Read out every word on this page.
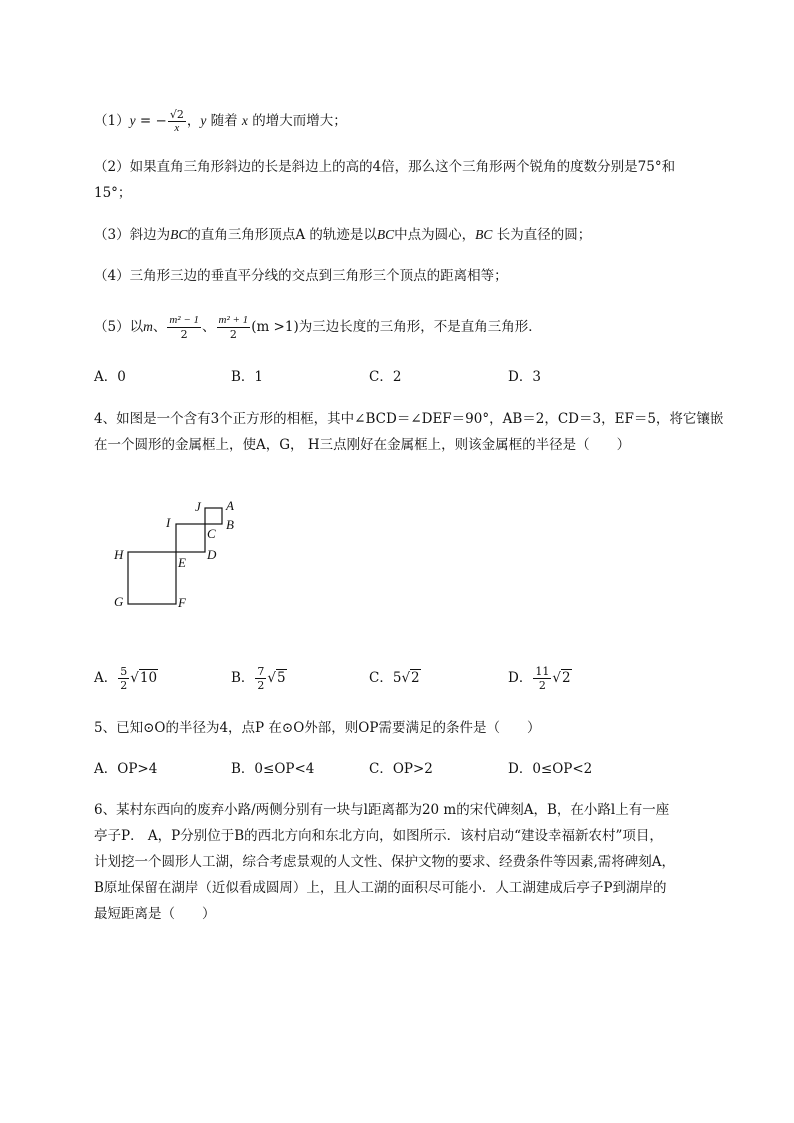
（1）y = − $\frac{√2}{x}$ ，y 随着 x 的增大而增大；
（2）如果直角三角形斜边的长是斜边上的高的4倍，那么这个三角形两个锐角的度数分别是75°和
15°；
（3）斜边为BC的直角三角形顶点A 的轨迹是以BC中点为圆心，BC 长为直径的圆；
（4）三角形三边的垂直平分线的交点到三角形三个顶点的距离相等；
（5）以m、 $\frac{\text{m² − 1}}{2}$ 、 $\frac{\text{m² + 1}}{2} (m >1)$为三边长度的三角形，不是直角三角形．
A．0	B．1	C．2	D．3
4、如图是一个含有3个正方形的相框，其中∠BCD＝∠DEF＝90°，AB＝2，CD＝3，EF＝5，将它镶嵌
在一个圆形的金属框上，使A，G， H三点刚好在金属框上，则该金属框的半径是（　　）
J A
I
C
B
H
E
D
G	F
A． $\frac{5}{2} √10$	B． $\frac{7}{2} √5$	C．5√2	D． $\frac{11}{2} √2$
5、已知⊙O的半径为4，点P 在⊙O外部，则OP需要满足的条件是（　　）
A．OP>4	B．0≤OP<4	C．OP>2	D．0≤OP<2
6、某村东西向的废弃小路/两侧分别有一块与l距离都为20 m的宋代碑刻A，B，在小路l上有一座
亭子P． A，P分别位于B的西北方向和东北方向，如图所示．该村启动“建设幸福新农村”项目，
计划挖一个圆形人工湖，综合考虑景观的人文性、保护文物的要求、经费条件等因素,需将碑刻A，
B原址保留在湖岸（近似看成圆周）上，且人工湖的面积尽可能小．人工湖建成后亭子P到湖岸的
最短距离是（　　）
